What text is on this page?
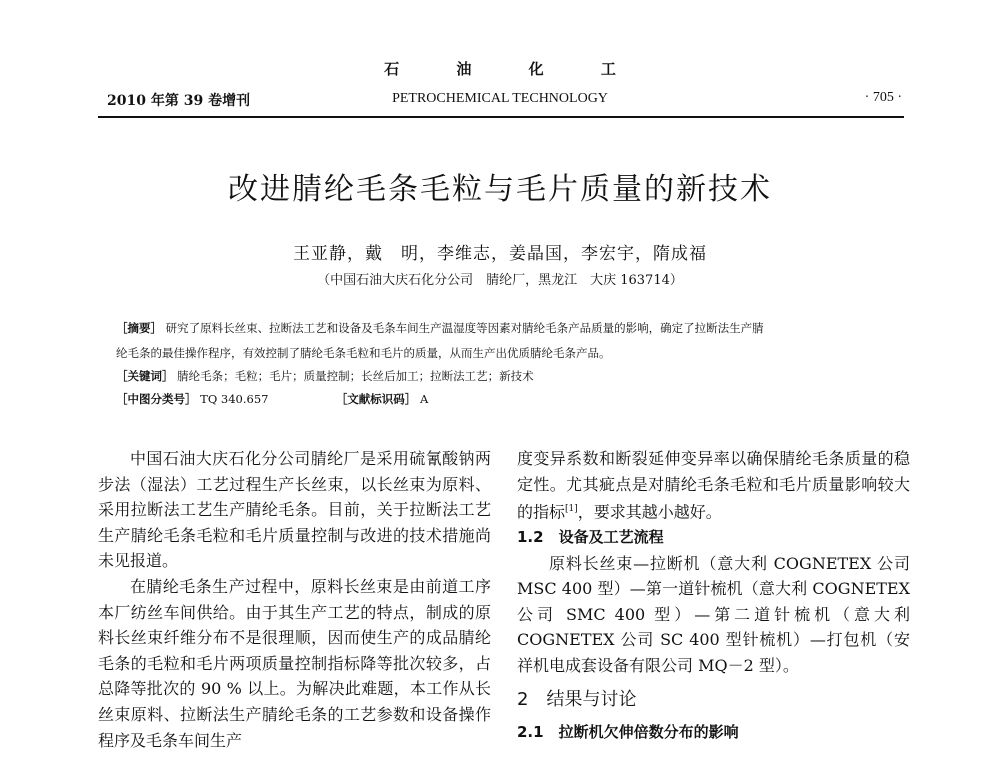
石 油 化 工
2010 年第 39 卷增刊	PETROCHEMICAL TECHNOLOGY	· 705 ·
改进腈纶毛条毛粒与毛片质量的新技术
王亚静，戴　明，李维志，姜晶国，李宏宇，隋成福
（中国石油大庆石化分公司　腈纶厂，黑龙江　大庆 163714）
［摘要］ 研究了原料长丝束、拉断法工艺和设备及毛条车间生产温湿度等因素对腈纶毛条产品质量的影响，确定了拉断法生产腈
纶毛条的最佳操作程序，有效控制了腈纶毛条毛粒和毛片的质量，从而生产出优质腈纶毛条产品。
［关键词］ 腈纶毛条；毛粒；毛片；质量控制；长丝后加工；拉断法工艺；新技术
［中图分类号］ TQ 340.657	［文献标识码］ A

中国石油大庆石化分公司腈纶厂是采用硫氰酸钠两步法（湿法）工艺过程生产长丝束，以长丝束为原料、采用拉断法工艺生产腈纶毛条。目前，关于拉断法工艺生产腈纶毛条毛粒和毛片质量控制与改进的技术措施尚未见报道。

在腈纶毛条生产过程中，原料长丝束是由前道工序本厂纺丝车间供给。由于其生产工艺的特点，制成的原料长丝束纤维分布不是很理顺，因而使生产的成品腈纶毛条的毛粒和毛片两项质量控制指标降等批次较多，占总降等批次的 90 % 以上。为解决此难题，本工作从长丝束原料、拉断法生产腈纶毛条的工艺参数和设备操作程序及毛条车间生产

度变异系数和断裂延伸变异率以确保腈纶毛条质量的稳定性。尤其疵点是对腈纶毛条毛粒和毛片质量影响较大的指标[1]，要求其越小越好。

1.2　设备及工艺流程

原料长丝束—拉断机（意大利 COGNETEX 公司 MSC 400 型）—第一道针梳机（意大利 COGNETEX公司 SMC 400 型）—第二道针梳机（意大利 COGNETEX 公司 SC 400 型针梳机）—打包机（安祥机电成套设备有限公司 MQ－2 型）。

2　结果与讨论

2.1　拉断机欠伸倍数分布的影响
